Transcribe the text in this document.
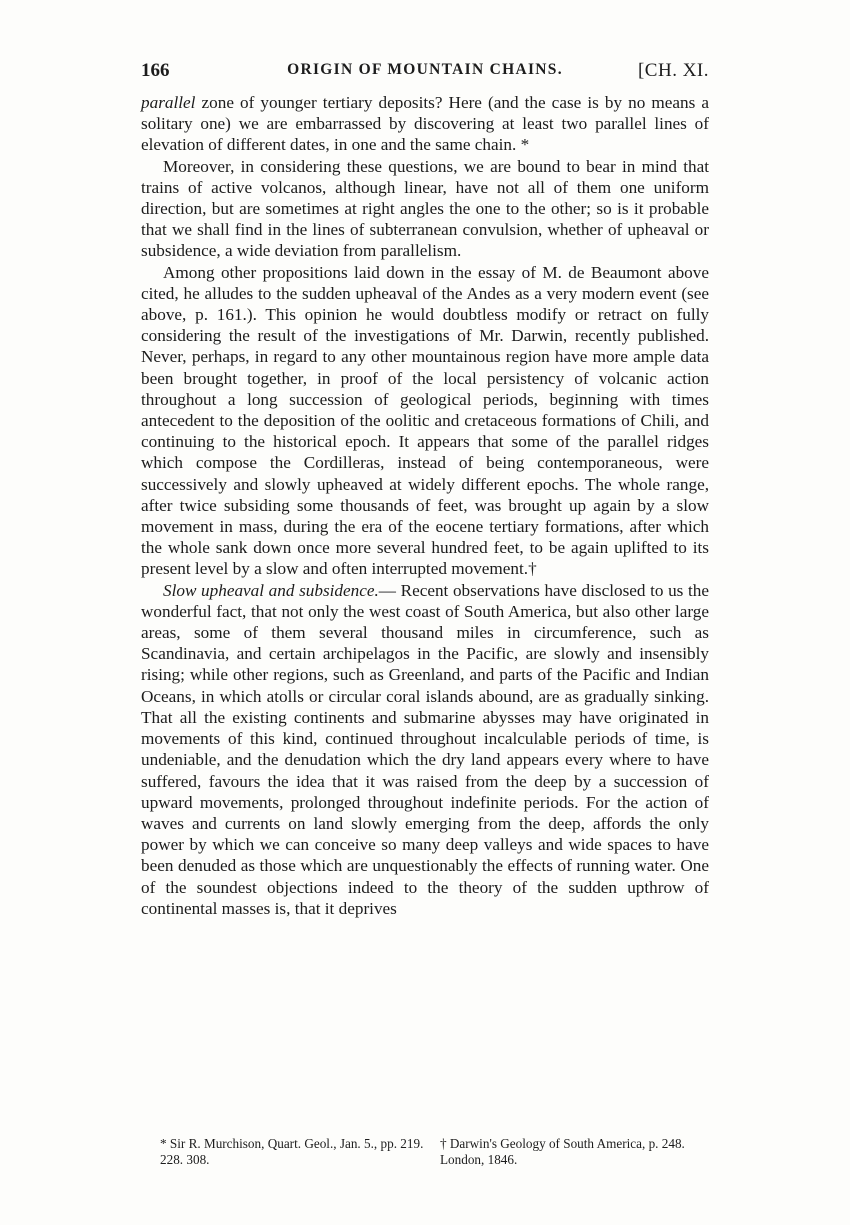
166	ORIGIN OF MOUNTAIN CHAINS.	[CH. XI.

parallel zone of younger tertiary deposits? Here (and the case is by no means a solitary one) we are embarrassed by discovering at least two parallel lines of elevation of different dates, in one and the same chain. *

Moreover, in considering these questions, we are bound to bear in mind that trains of active volcanos, although linear, have not all of them one uniform direction, but are sometimes at right angles the one to the other; so is it probable that we shall find in the lines of subterranean convulsion, whether of upheaval or subsidence, a wide deviation from parallelism.

Among other propositions laid down in the essay of M. de Beaumont above cited, he alludes to the sudden upheaval of the Andes as a very modern event (see above, p. 161.). This opinion he would doubtless modify or retract on fully considering the result of the investigations of Mr. Darwin, recently published. Never, perhaps, in regard to any other mountainous region have more ample data been brought together, in proof of the local persistency of volcanic action throughout a long succession of geological periods, beginning with times antecedent to the deposition of the oolitic and cretaceous formations of Chili, and continuing to the historical epoch. It appears that some of the parallel ridges which compose the Cordilleras, instead of being contemporaneous, were successively and slowly upheaved at widely different epochs. The whole range, after twice subsiding some thousands of feet, was brought up again by a slow movement in mass, during the era of the eocene tertiary formations, after which the whole sank down once more several hundred feet, to be again uplifted to its present level by a slow and often interrupted movement.†

Slow upheaval and subsidence.— Recent observations have disclosed to us the wonderful fact, that not only the west coast of South America, but also other large areas, some of them several thousand miles in circumference, such as Scandinavia, and certain archipelagos in the Pacific, are slowly and insensibly rising; while other regions, such as Greenland, and parts of the Pacific and Indian Oceans, in which atolls or circular coral islands abound, are as gradually sinking. That all the existing continents and submarine abysses may have originated in movements of this kind, continued throughout incalculable periods of time, is undeniable, and the denudation which the dry land appears every where to have suffered, favours the idea that it was raised from the deep by a succession of upward movements, prolonged throughout indefinite periods. For the action of waves and currents on land slowly emerging from the deep, affords the only power by which we can conceive so many deep valleys and wide spaces to have been denuded as those which are unquestionably the effects of running water. One of the soundest objections indeed to the theory of the sudden upthrow of continental masses is, that it deprives

* Sir R. Murchison, Quart. Geol., Jan. 5., pp. 219. 228. 308.
† Darwin's Geology of South America, p. 248. London, 1846.
